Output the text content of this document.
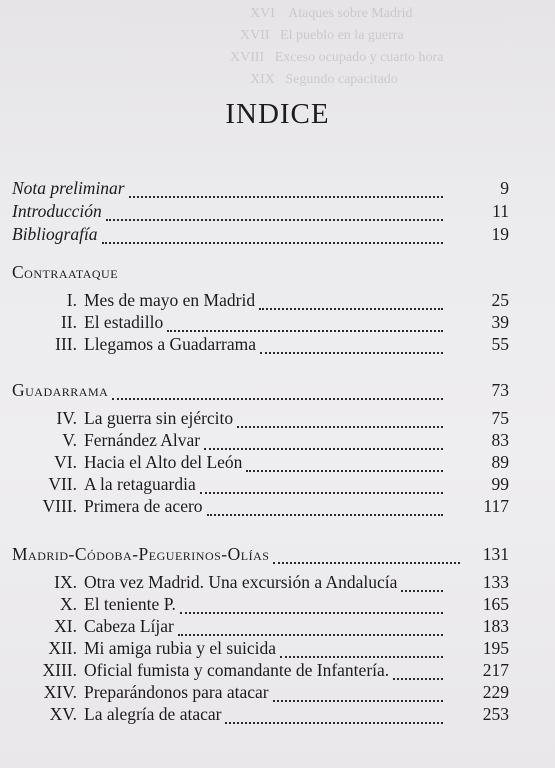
XVI    Ataques sobre Madrid
XVII   El pueblo en la guerra
XVIII   Exceso ocupado y cuarto hora
XIX   Segundo capacitado
INDICE
Nota preliminar	9
Introducción	11
Bibliografía	19
Contraataque
I. Mes de mayo en Madrid	25
II. El estadillo	39
III. Llegamos a Guadarrama	55
Guadarrama	73
IV. La guerra sin ejército	75
V. Fernández Alvar	83
VI. Hacia el Alto del León	89
VII. A la retaguardia	99
VIII. Primera de acero	117
Madrid-Códoba-Peguerinos-Olías	131
IX. Otra vez Madrid. Una excursión a Andalucía	133
X. El teniente P.	165
XI. Cabeza Líjar	183
XII. Mi amiga rubia y el suicida	195
XIII. Oficial fumista y comandante de Infantería.	217
XIV. Preparándonos para atacar	229
XV. La alegría de atacar	253
